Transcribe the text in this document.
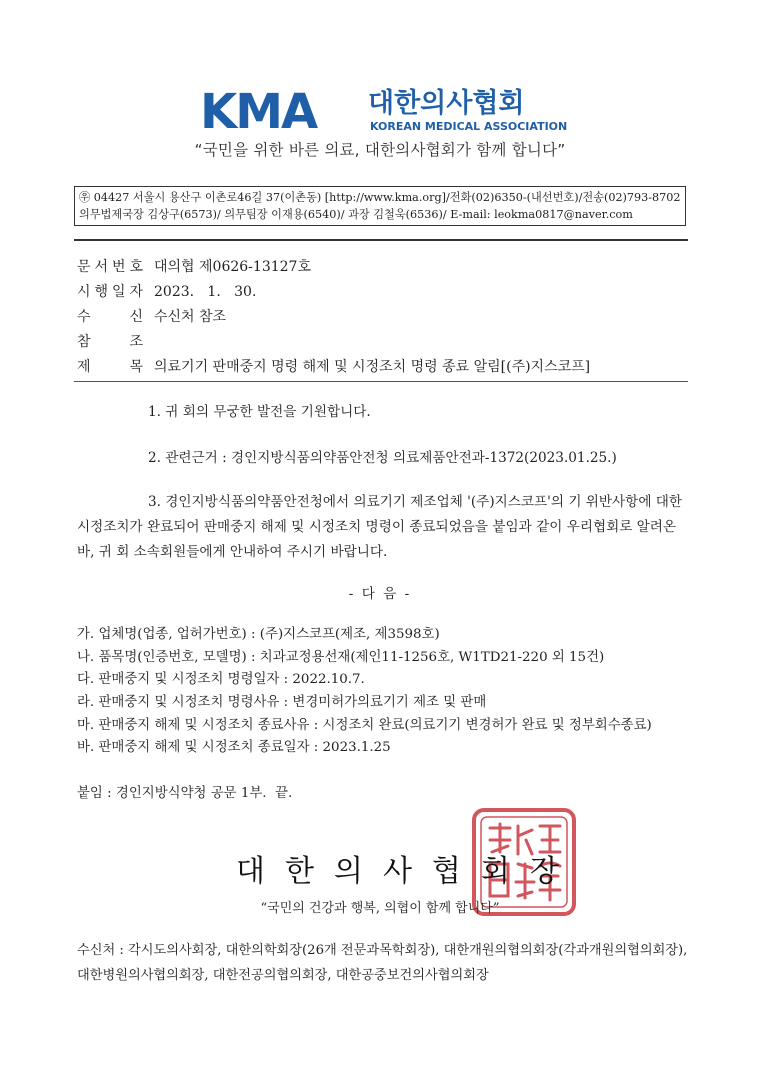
KMA 대한의사협회
KOREAN MEDICAL ASSOCIATION
“국민을 위한 바른 의료, 대한의사협회가 함께 합니다”
㉾ 04427 서울시 용산구 이촌로46길 37(이촌동) [http://www.kma.org]/전화(02)6350-(내선번호)/전송(02)793-8702
의무법제국장 김상구(6573)/ 의무팀장 이재용(6540)/ 과장 김철욱(6536)/ E-mail: leokma0817@naver.com
문 서 번 호 대의협 제0626-13127호
시 행 일 자 2023.   1.   30.
수	신 수신처 참조
참	조
제	목 의료기기 판매중지 명령 해제 및 시정조치 명령 종료 알림[(주)지스코프]
1. 귀 회의 무궁한 발전을 기원합니다.
2. 관련근거 : 경인지방식품의약품안전청 의료제품안전과-1372(2023.01.25.)
3. 경인지방식품의약품안전청에서 의료기기 제조업체 '(주)지스코프'의 기 위반사항에 대한 시정조치가 완료되어 판매중지 해제 및 시정조치 명령이 종료되었음을 붙임과 같이 우리협회로 알려온 바, 귀 회 소속회원들에게 안내하여 주시기 바랍니다.
- 다 음 -
가. 업체명(업종, 업허가번호) : (주)지스코프(제조, 제3598호)
나. 품목명(인증번호, 모델명) : 치과교정용선재(제인11-1256호, W1TD21-220 외 15건)
다. 판매중지 및 시정조치 명령일자 : 2022.10.7.
라. 판매중지 및 시정조치 명령사유 : 변경미허가의료기기 제조 및 판매
마. 판매중지 해제 및 시정조치 종료사유 : 시정조치 완료(의료기기 변경허가 완료 및 정부회수종료)
바. 판매중지 해제 및 시정조치 종료일자 : 2023.1.25
붙임 : 경인지방식약청 공문 1부.  끝.
대한의사협회장
“국민의 건강과 행복, 의협이 함께 합니다”
수신처 : 각시도의사회장, 대한의학회장(26개 전문과목학회장), 대한개원의협의회장(각과개원의협의회장), 대한병원의사협의회장, 대한전공의협의회장, 대한공중보건의사협의회장
